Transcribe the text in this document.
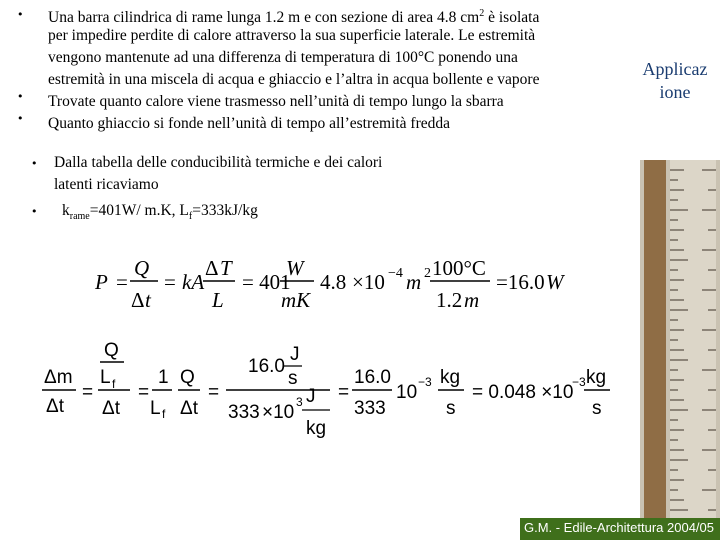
•
•
•
Una barra cilindrica di rame lunga 1.2 m e con sezione di area 4.8 $cm^2$ è isolata
per impedire perdite di calore attraverso la sua superficie laterale. Le estremità
vengono mantenute ad una differenza di temperatura di 100°C ponendo una
estremità in una miscela di acqua e ghiaccio e l’altra in acqua bollente e vapore
Trovate quanto calore viene trasmesso nell’unità di tempo lungo la sbarra
Quanto ghiaccio si fonde nell’unità di tempo all’estremità fredda
Applicaz ione
•
•
Dalla tabella delle conducibilità termiche e dei calori
latenti ricaviamo
$k_{rame}=401W/$ m.K, $L_f=333kJ/kg$
P =
Q
Δ t
= kA
Δ T
L
= 401
W
mK
4.8 ×10 −4 m 2 100°C
1.2 m
=16.0 W
Δm
Δt
=
Q
L f
Δt
=
1
L f
Q
Δt
=
16.0
J
s
333 ×10 3 J
kg
=
16.0
333
10 −3 kg
s
= 0.048 ×10
−3 kg
s
G.M. - Edile-Architettura 2004/05
